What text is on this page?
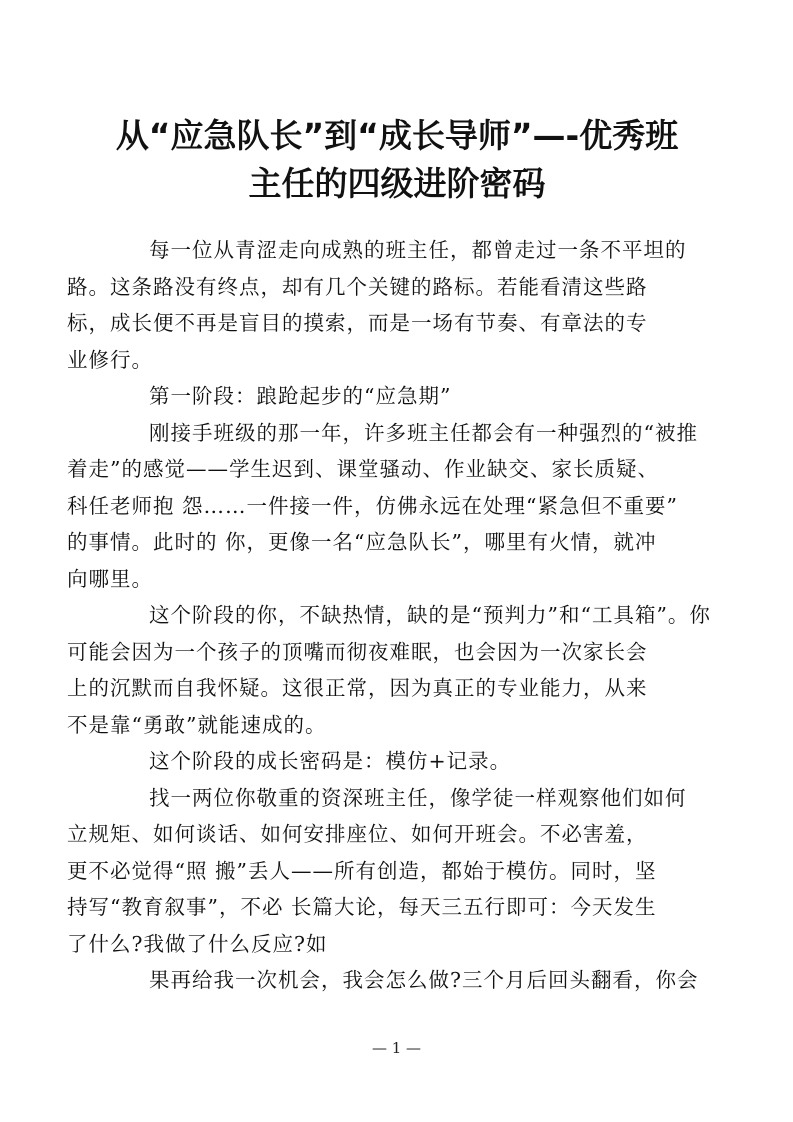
从“应急队长”到“成长导师”—-优秀班
主任的四级进阶密码

每一位从青涩走向成熟的班主任，都曾走过一条不平坦的
路。这条路没有终点，却有几个关键的路标。若能看清这些路
标，成长便不再是盲目的摸索，而是一场有节奏、有章法的专
业修行。

第一阶段：踉跄起步的“应急期”

刚接手班级的那一年，许多班主任都会有一种强烈的“被推
着走”的感觉——学生迟到、课堂骚动、作业缺交、家长质疑、
科任老师抱 怨……一件接一件，仿佛永远在处理“紧急但不重要”
的事情。此时的 你，更像一名“应急队长”，哪里有火情，就冲
向哪里。

这个阶段的你，不缺热情，缺的是“预判力”和“工具箱”。你
可能会因为一个孩子的顶嘴而彻夜难眠，也会因为一次家长会
上的沉默而自我怀疑。这很正常，因为真正的专业能力，从来
不是靠“勇敢”就能速成的。

这个阶段的成长密码是：模仿+记录。

找一两位你敬重的资深班主任，像学徒一样观察他们如何
立规矩、如何谈话、如何安排座位、如何开班会。不必害羞，
更不必觉得“照 搬”丢人——所有创造，都始于模仿。同时，坚
持写“教育叙事”，不必 长篇大论，每天三五行即可：今天发生
了什么?我做了什么反应?如

果再给我一次机会，我会怎么做?三个月后回头翻看，你会

— 1 —
